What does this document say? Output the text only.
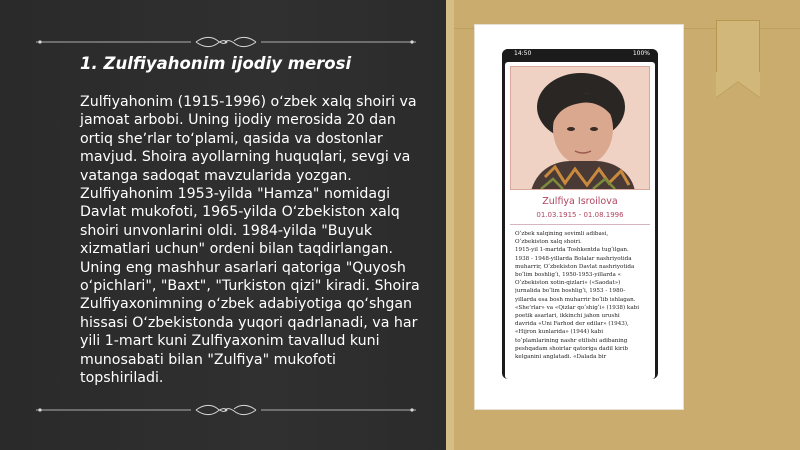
1. Zulfiyahonim ijodiy merosi
Zulfiyahonim (1915-1996) oʻzbek xalq shoiri va jamoat arbobi. Uning ijodiy merosida 20 dan ortiq sheʼrlar toʻplami, qasida va dostonlar mavjud. Shoira ayollarning huquqlari, sevgi va vatanga sadoqat mavzularida yozgan. Zulfiyahonim 1953-yilda "Hamza" nomidagi Davlat mukofoti, 1965-yilda Oʻzbekiston xalq shoiri unvonlarini oldi. 1984-yilda "Buyuk xizmatlari uchun" ordeni bilan taqdirlangan. Uning eng mashhur asarlari qatoriga "Quyosh oʻpichlari", "Baxt", "Turkiston qizi" kiradi. Shoira Zulfiyaxonimning oʻzbek adabiyotiga qoʻshgan hissasi Oʻzbekistonda yuqori qadrlanadi, va har yili 1-mart kuni Zulfiyaxonim tavallud kuni munosabati bilan "Zulfiya" mukofoti topshiriladi.
14:50	100%
Zulfiya Isroilova
01.03.1915 - 01.08.1996
O‘zbek xalqining sevimli adibasi,
O‘zbekiston xalq shoiri.
1915-yil 1-martda Toshkentda tug‘ilgan.
1938 - 1948-yillarda Bolalar nashriyotida
muharrir, O‘zbekiston Davlat nashriyotida
bo‘lim boshlig‘i, 1950-1953-yillarda «
O‘zbekiston xotin-qizlari» («Saodat»)
jurnalida bo‘lim boshlig‘i, 1953 - 1980-
yillarda esa bosh muharrir bo‘lib ishlagan.
«She’rlar» va «Qizlar qo‘shig‘i» (1938) kabi
poetik asarlari, ikkinchi jahon urushi
davrida «Uni Farhod der edilar» (1943),
«Hijron kunlarida» (1944) kabi
to‘plamlarining nashr etilishi adibaning
peshqadam shoirlar qatoriga dadil kirib
kelganini anglatadi. «Dalada bir
